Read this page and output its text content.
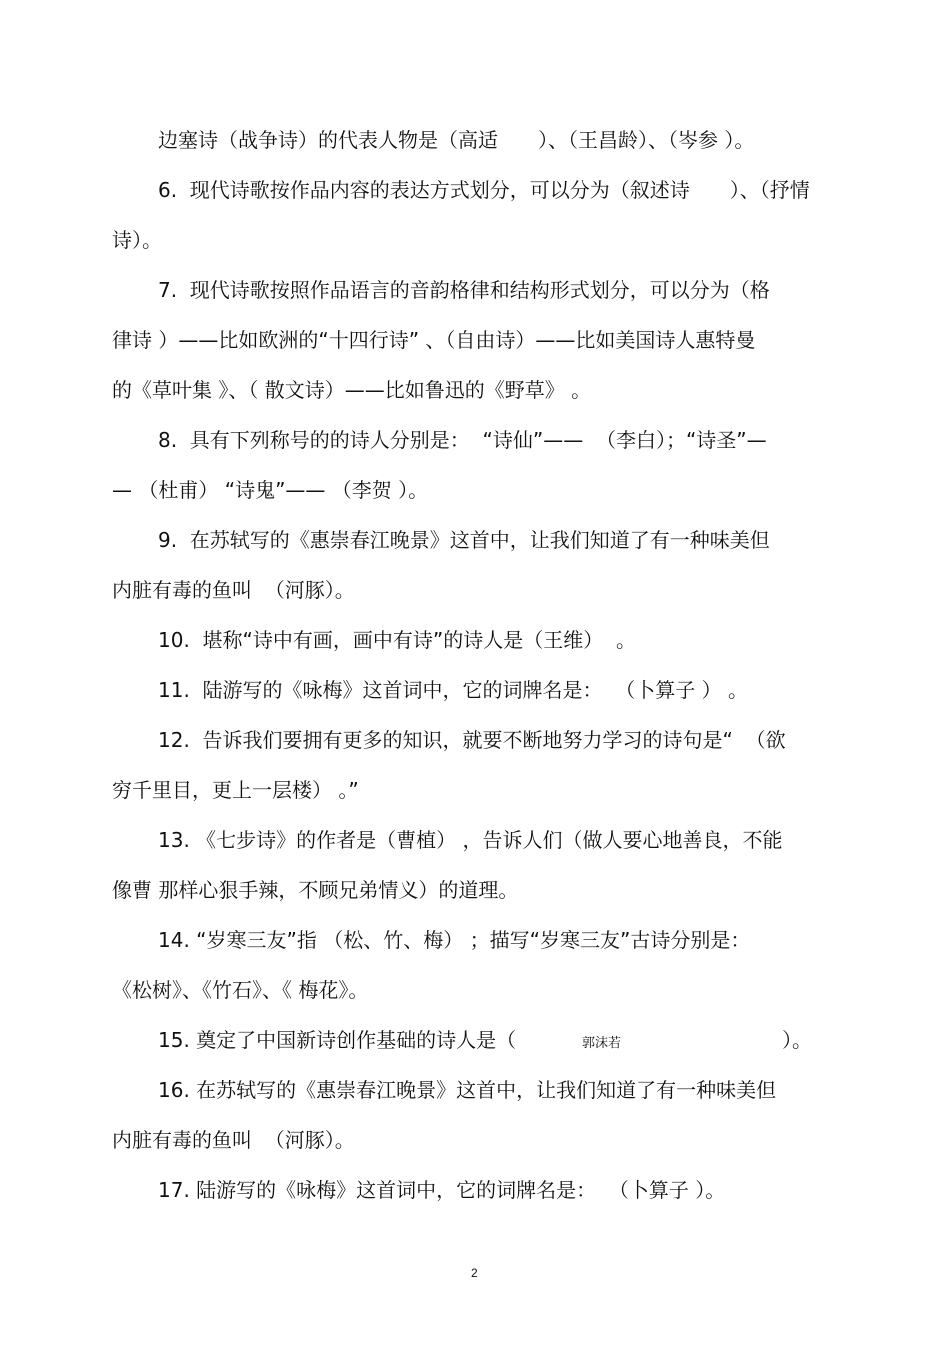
边塞诗（战争诗）的代表人物是（高适　　）、（王昌龄）、（岑参 ）。
6.  现代诗歌按作品内容的表达方式划分，可以分为（叙述诗　　）、（抒情
诗）。
7.  现代诗歌按照作品语言的音韵格律和结构形式划分，可以分为（格
律诗 ）——比如欧洲的“十四行诗” 、（自由诗）——比如美国诗人惠特曼
的《草叶集 》、（ 散文诗）——比如鲁迅的《野草》 。
8.  具有下列称号的的诗人分别是：  “诗仙”——  （李白）；“诗圣”—
— （杜甫） “诗鬼”—— （李贺 ）。
9.  在苏轼写的《惠崇春江晚景》这首中，让我们知道了有一种味美但
内脏有毒的鱼叫  （河豚）。
10.  堪称“诗中有画，画中有诗”的诗人是（王维）  。
11.  陆游写的《咏梅》这首词中，它的词牌名是：  （卜算子 ） 。
12.  告诉我们要拥有更多的知识，就要不断地努力学习的诗句是“  （欲
穷千里目，更上一层楼） 。”
13. 《七步诗》的作者是（曹植） ，告诉人们（做人要心地善良，不能
像曹 那样心狠手辣，不顾兄弟情义）的道理。
14. “岁寒三友”指 （松、竹、梅） ；描写“岁寒三友”古诗分别是：
《松树》、《竹石》、《 梅花》。
15. 奠定了中国新诗创作基础的诗人是（	郭沫若	）。
16. 在苏轼写的《惠崇春江晚景》这首中，让我们知道了有一种味美但
内脏有毒的鱼叫  （河豚）。
17. 陆游写的《咏梅》这首词中，它的词牌名是：  （卜算子 ）。
2
